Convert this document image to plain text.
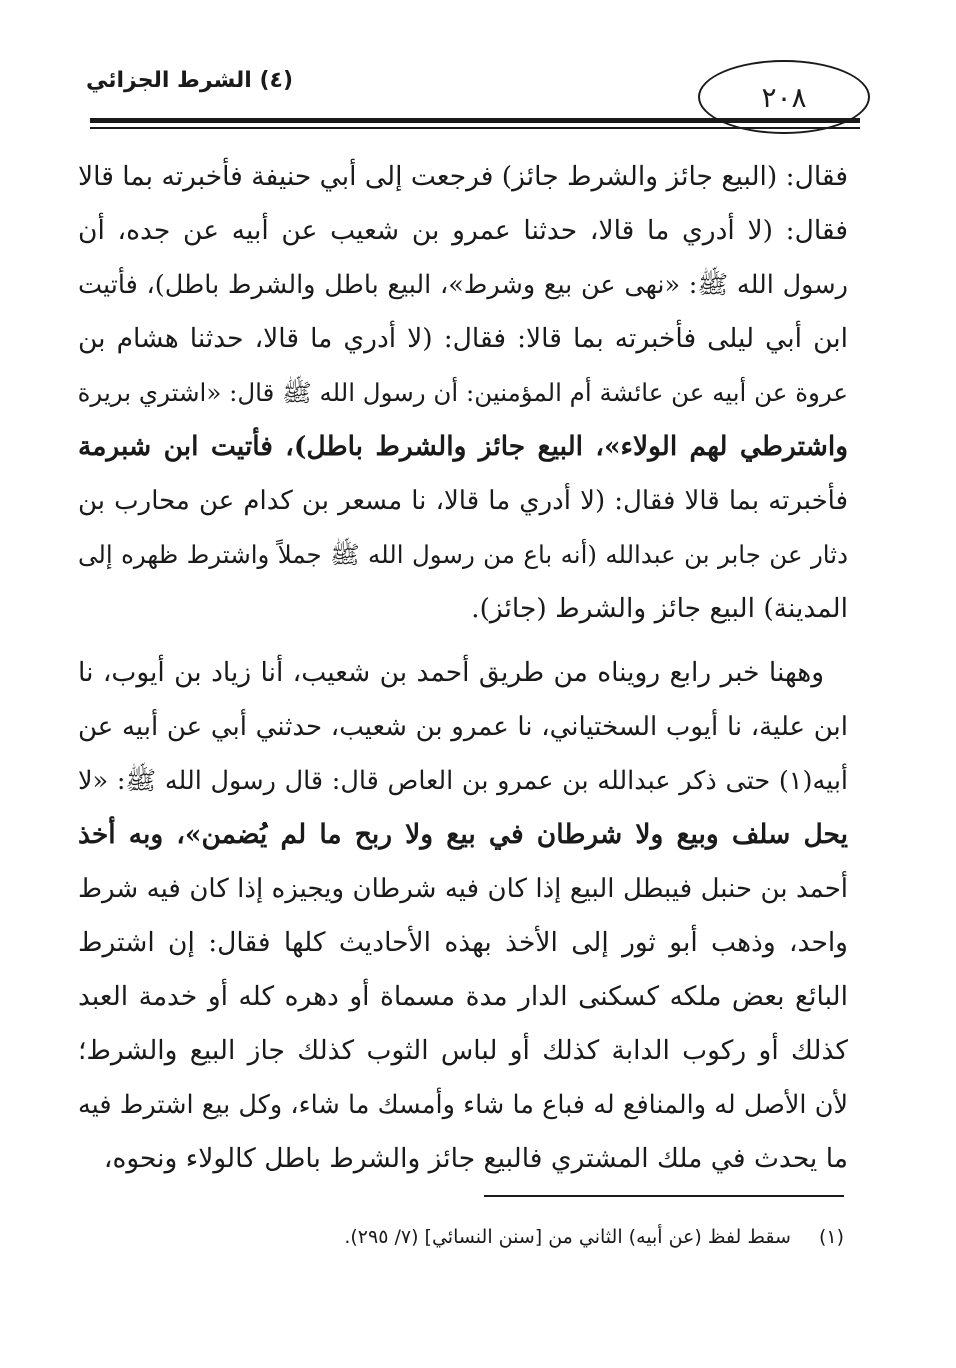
(٤) الشرط الجزائي	٢٠٨
فقال: (البيع جائز والشرط جائز) فرجعت إلى أبي حنيفة فأخبرته بما قالا
فقال: (لا أدري ما قالا، حدثنا عمرو بن شعيب عن أبيه عن جده، أن
رسول الله ﷺ: «نهى عن بيع وشرط»، البيع باطل والشرط باطل)، فأتيت
ابن أبي ليلى فأخبرته بما قالا: فقال: (لا أدري ما قالا، حدثنا هشام بن
عروة عن أبيه عن عائشة أم المؤمنين: أن رسول الله ﷺ قال: «اشتري بريرة
واشترطي لهم الولاء»، البيع جائز والشرط باطل)، فأتيت ابن شبرمة
فأخبرته بما قالا فقال: (لا أدري ما قالا، نا مسعر بن كدام عن محارب بن
دثار عن جابر بن عبدالله (أنه باع من رسول الله ﷺ جملاً واشترط ظهره إلى
المدينة) البيع جائز والشرط (جائز).
وههنا خبر رابع رويناه من طريق أحمد بن شعيب، أنا زياد بن أيوب، نا
ابن علية، نا أيوب السختياني، نا عمرو بن شعيب، حدثني أبي عن أبيه عن
أبيه(١) حتى ذكر عبدالله بن عمرو بن العاص قال: قال رسول الله ﷺ: «لا
يحل سلف وبيع ولا شرطان في بيع ولا ربح ما لم يُضمن»، وبه أخذ
أحمد بن حنبل فيبطل البيع إذا كان فيه شرطان ويجيزه إذا كان فيه شرط
واحد، وذهب أبو ثور إلى الأخذ بهذه الأحاديث كلها فقال: إن اشترط
البائع بعض ملكه كسكنى الدار مدة مسماة أو دهره كله أو خدمة العبد
كذلك أو ركوب الدابة كذلك أو لباس الثوب كذلك جاز البيع والشرط؛
لأن الأصل له والمنافع له فباع ما شاء وأمسك ما شاء، وكل بيع اشترط فيه
ما يحدث في ملك المشتري فالبيع جائز والشرط باطل كالولاء ونحوه،
(١) سقط لفظ (عن أبيه) الثاني من [سنن النسائي] (٧/ ٢٩٥).
